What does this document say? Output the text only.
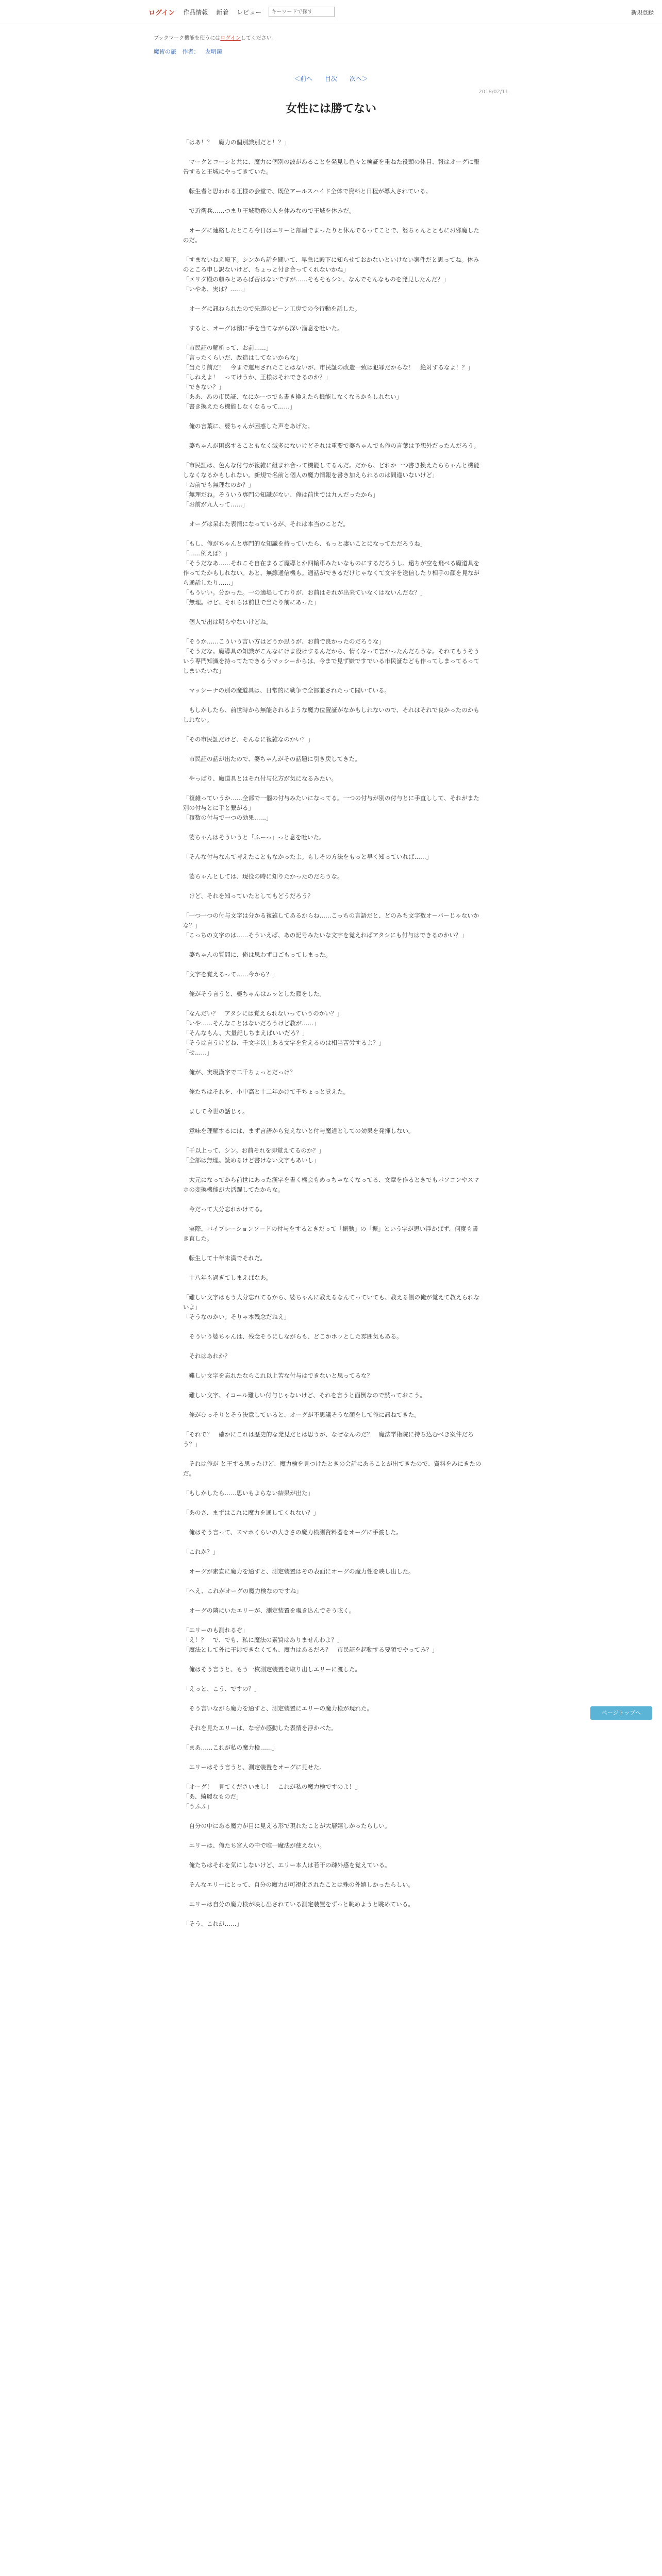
ログイン 作品情報 新着 レビュー
キーワードで探す	新規登録
ブックマーク機能を使うにはログインしてください。
魔術の旅 作者： 友明鏡
＜前へ 目次 次へ＞
2018/02/11
女性には勝てない

「はあ！？　魔力の個別識別だと！？」

　マークとコーシと共に、魔力に個別の波があることを発見し色々と検証を重ねた役頭の体目、報はオーグに報告すると王城にやってきていた。

　転生者と思われる王様の会堂で、既位アールスハイド全体で資料と日程が導入されている。

　で近衛兵……つまり王城勤務の人を休みなので王城を休みだ。

　オーグに連絡したところ今日はエリーと部屋でまったりと休んでるってことで、婆ちゃんとともにお邪魔したのだ。

「すまないねえ殿下。シンから話を聞いて、早急に殿下に知らせておかないといけない案件だと思ってね。休みのところ申し訳ないけど、ちょっと付き合ってくれないかね」
「メリダ殿の頼みとあらば否はないですが……そもそもシン、なんでそんなものを発見したんだ？」
「いやあ、実は？……」

　オーグに訊ねられたので先週のピーン工房での今行動を話した。

　すると、オーグは額に手を当てながら深い溜息を吐いた。

「市民証の解析って、お前……」
「言ったくらいだ、改造はしてないからな」
「当たり前だ！　今まで運用されたことはないが、市民証の改造一致は犯罪だからな！　絶対するなよ！？」
「しねえよ！　ってけうか、王様はそれできるのか？」
「できない？」
「ああ、あの市民証、なにかーつでも書き換えたら機能しなくなるかもしれない」
「書き換えたら機能しなくなるって……」

　俺の言葉に、婆ちゃんが困惑した声をあげた。

　婆ちゃんが困惑することもなく滅多にないけどそれは重要で婆ちゃんでも俺の言葉は予想外だったんだろう。

「市民証は、色んな付与が複雑に組まれ合って機能してるんだ。だから、どれか一つ書き換えたらちゃんと機能しなくなるかもしれない。新規で名前と個人の魔力情報を書き加えられるのは間違いないけど」
「お前でも無理なのか？」
「無理だね。そういう専門の知識がない、俺は前世では九人だったから」
「お前が九人って……」

　オーグは呆れた表情になっているが、それは本当のことだ。

「もし、俺がちゃんと専門的な知識を持っていたら、もっと凄いことになってただろうね」
「……例えば？」
「そうだなあ……それこそ自在まるご魔導とか四輪車みたいなものにするだろうし。遠ちが空を飛べる魔道具を作ってたかもしれない。あと、無線通信機も。通話ができるだけじゃなくて文字を送信したり相手の顔を見ながら通話したり……」
「もういい。分かった。一の適堤してわりが、お前はそれが出来ていなくはないんだな？」
「無理。けど、それらは前世で当たり前にあった」

　個人で出は明らやないけどね。

「そうか……こういう言い方はどうか思うが、お前で良かったのだろうな」
「そうだな。魔導具の知識がこんなにけま役けするんだから、情くなって言かったんだろうな。それてもうそういう専門知識を持ってたできるうマッシーからは、今まで見ず嫌ですでいる市民証なども作ってしまってるってしまいたいな」

　マッシーナの別の魔道具は、日常的に戦争で全部兼されたって聞いている。

　もしかしたら、前世時から無能されるような魔力位置証がなかもしれないので、それはそれで良かったのかもしれない。

「その市民証だけど、そんなに複雑なのかい？」

　市民証の話が出たので、婆ちゃんがその話題に引き戻してきた。

　やっぱり、魔道具とはそれ付与化方が気になるみたい。

「複雑っていうか……全部で一個の付与みたいになってる。一つの付与が別の付与とに手直しして、それがまた別の付与とに手と繋がる」
「複数の付与で一つの効果……」

　婆ちゃんはそういうと「ふーっ」っと息を吐いた。

「そんな付与なんて考えたこともなかったよ。もしその方法をもっと早く知っていれば……」

　婆ちゃんとしては、現役の時に知りたかったのだろうな。

　けど、それを知っていたとしてもどうだろう？

「一つ一つの付与文字は分かる複雑してあるからね……こっちの言語だと、どのみち文字数オーバーじゃないかな？」
「こっちの文字のは……そういえば、あの記号みたいな文字を覚えればアタシにも付与はできるのかい？」

　婆ちゃんの質問に、俺は思わず口ごもってしまった。

「文字を覚えるって……今から？」

　俺がそう言うと、婆ちゃんはムッとした顔をした。

「なんだい？　アタシには覚えられないっていうのかい？」
「いや……そんなことはないだろうけど教が……」
「そんなもん、大量記しちまえばいいだろ？」
「そうは言うけどね、千文字以上ある文字を覚えるのは相当苦労するよ？」
「せ……」

　俺が、実現漢字で二千ちょっとだっけ？

　俺たちはそれを、小中高と十二年かけて千ちょっと覚えた。

　まして今世の話じゃ。

　意味を理解するには、まず言語から覚えないと付与魔道としての効果を発揮しない。

「千以上って、シン。お前それを即覚えてるのか？」
「全部は無理。読めるけど書けない文字もあいし」

　大元になってから前世にあった漢字を書く機会もめっちゃなくなってる、文章を作るときでもパソコンやスマホの変換機能が大活躍してたからな。

　今だって大分忘れかけてる。

　実際、バイブレーションソードの付与をするときだって「振動」の「振」という字が思い浮かばず、何度も書き直した。

　転生して十年未満でそれだ。

　十八年も過ぎてしまえばなあ。

「難しい文字はもう大分忘れてるから、婆ちゃんに教えるなんてっていても、教える側の俺が覚えて教えられないよ」
「そうなのかい。そりゃ本残念だねえ」

　そういう婆ちゃんは、残念そうにしながらも、どこかホッとした雰囲気もある。

　それはあれか？

　難しい文字を忘れたならこれ以上苦な付与はできないと思ってるな？

　難しい文字、イコール難しい付与じゃないけど、それを言うと面倒なので黙っておこう。

　俺がひっそりとそう決意していると、オーグが不思議そうな顔をして俺に訊ねてきた。

「それで？　確かにこれは歴史的な発見だとは思うが、なぜなんのだ？　魔法学術院に持ち込むべき案件だろう？」

　それは俺が と王する思ったけど、魔力検を見つけたときの会話にあることが出てきたので、資料をみにきたのだ。

「もしかしたら……思いもよらない結果が出た」

「あのさ、まずはこれに魔力を通してくれない？」

　俺はそう言って、スマホくらいの大きさの魔力検測資料器をオーグに手渡した。

「これか？」

　オーグが素直に魔力を通すと、測定装置はその表面にオーグの魔力性を映し出した。

「へえ、これがオーグの魔力検なのですね」

　オーグの隣にいたエリーが、測定装置を覗き込んでそう呟く。

「エリーのも測れるぞ」
「え！？　で、でも、私に魔法の素質はありませんわよ？」
「魔法として外に干渉できなくても、魔力はあるだろ？　市民証を起動する要領でやってみ？」

　俺はそう言うと、もう一枚測定装置を取り出しエリーに渡した。

「えっと、こう、ですの？」

　そう言いながら魔力を通すと、測定装置にエリーの魔力検が現れた。

　それを見たエリーは、なぜか感動した表情を浮かべた。

「まあ……これが私の魔力検……」

　エリーはそう言うと、測定装置をオーグに見せた。

「オーグ！　見てくださいまし！　これが私の魔力検ですのよ！」
「あ、綺麗なものだ」
「うふふ」

　自分の中にある魔力が目に見える形で現れたことが大層嬉しかったらしい。

　エリーは、俺たち宮人の中で唯一魔法が使えない。

　俺たちはそれを気にしないけど、エリー本人は若干の疎外感を覚えている。

　そんなエリーにとって、自分の魔力が可視化されたことは殊の外嬉しかったらしい。

　エリーは自分の魔力検が映し出されている測定装置をずっと眺めようと眺めている。

「そう、これが……」

ページトップへ
